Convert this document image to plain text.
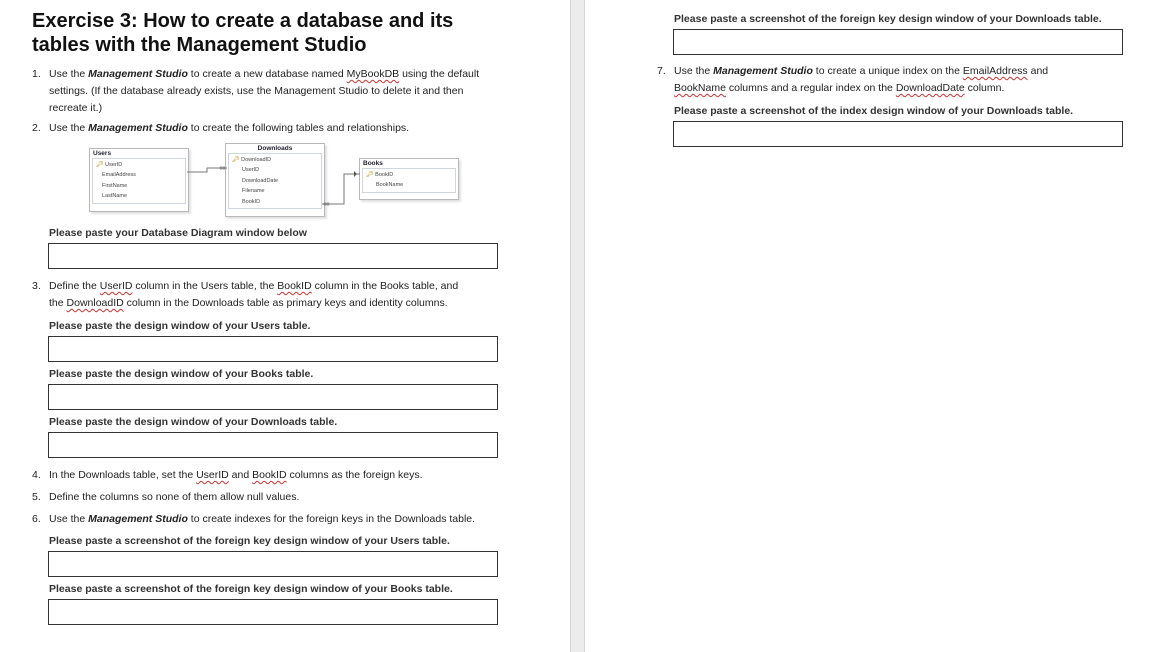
Exercise 3: How to create a database and its
tables with the Management Studio
1. Use the Management Studio to create a new database named MyBookDB using the default
settings. (If the database already exists, use the Management Studio to delete it and then
recreate it.)
2. Use the Management Studio to create the following tables and relationships.
Users
🔑︎ UserID
EmailAddress
FirstName
LastName
Downloads
🔑︎ DownloadID
UserID
DownloadDate
Filename
BookID
Books
🔑︎ BookID
BookName
Please paste your Database Diagram window below
3. Define the UserID column in the Users table, the BookID column in the Books table, and
the DownloadID column in the Downloads table as primary keys and identity columns.
Please paste the design window of your Users table.
Please paste the design window of your Books table.
Please paste the design window of your Downloads table.
4. In the Downloads table, set the UserID and BookID columns as the foreign keys.
5. Define the columns so none of them allow null values.
6. Use the Management Studio to create indexes for the foreign keys in the Downloads table.
Please paste a screenshot of the foreign key design window of your Users table.
Please paste a screenshot of the foreign key design window of your Books table.
Please paste a screenshot of the foreign key design window of your Downloads table.
7. Use the Management Studio to create a unique index on the EmailAddress and
BookName columns and a regular index on the DownloadDate column.
Please paste a screenshot of the index design window of your Downloads table.
